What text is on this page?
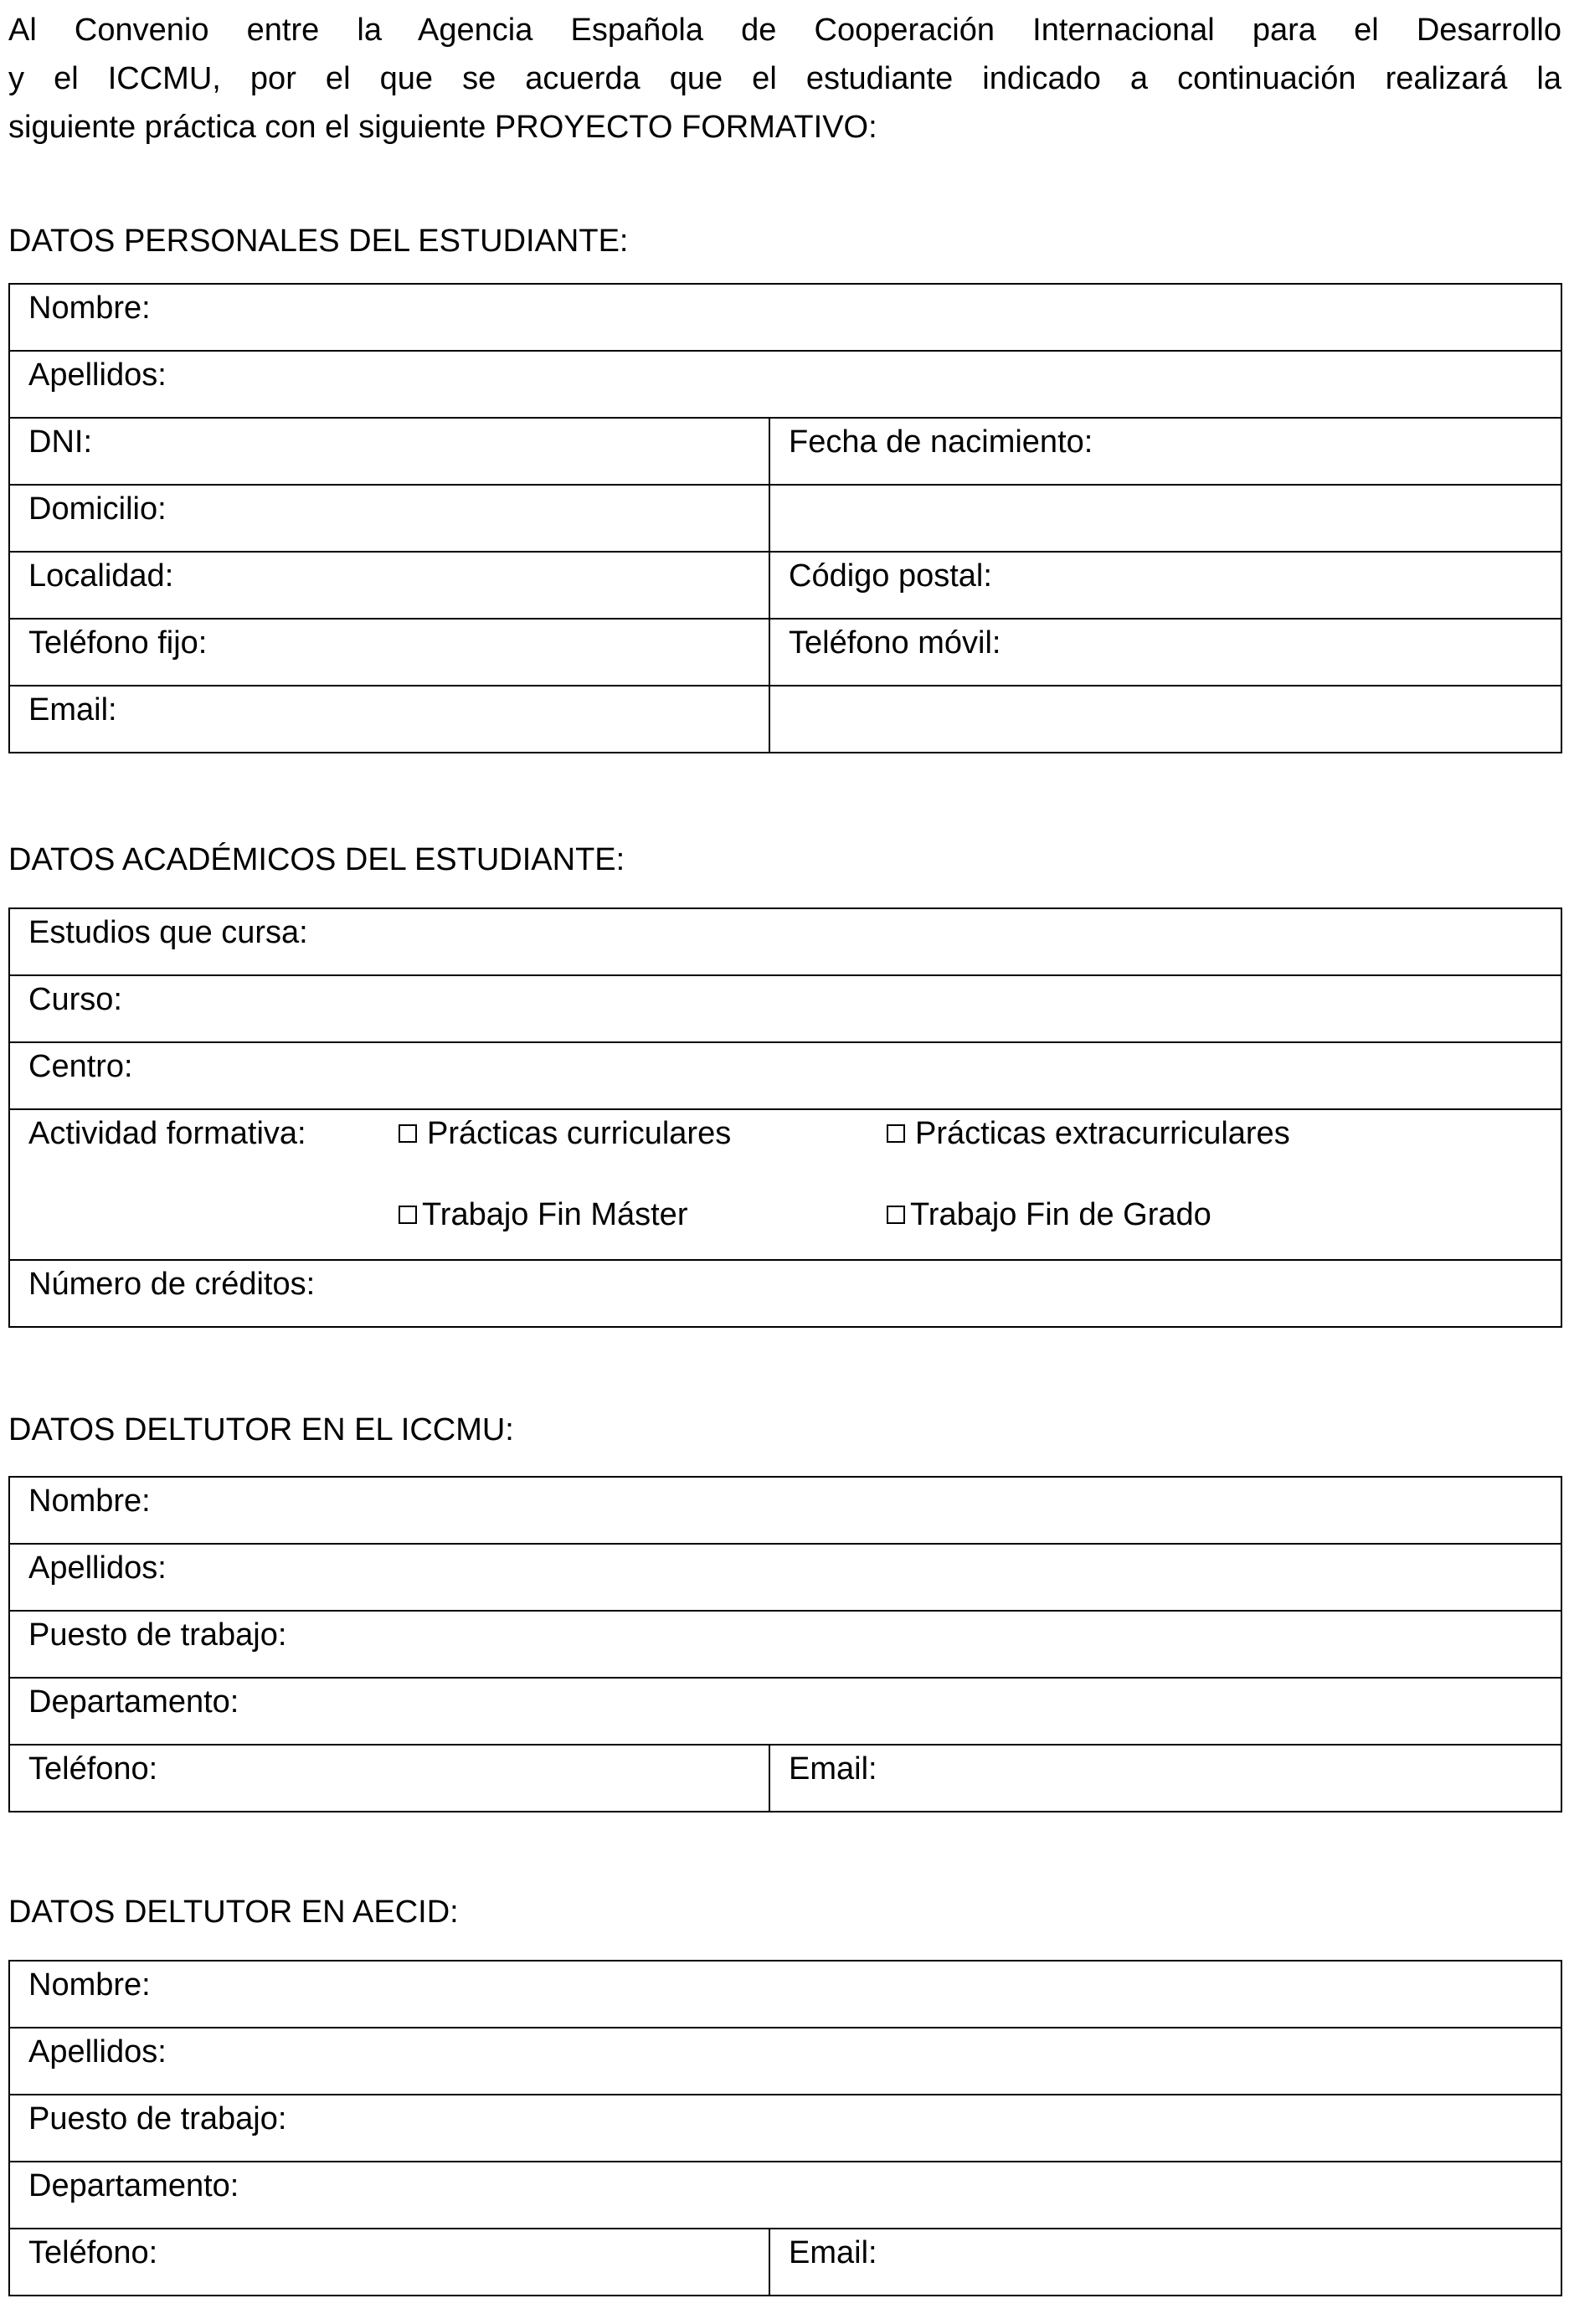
Al Convenio entre la Agencia Española de Cooperación Internacional para el Desarrollo
y el ICCMU, por el que se acuerda que el estudiante indicado a continuación realizará la
siguiente práctica con el siguiente PROYECTO FORMATIVO:
DATOS PERSONALES DEL ESTUDIANTE:
Nombre:	
Apellidos:	
DNI:	Fecha de nacimiento:
Domicilio:	
Localidad:	Código postal:
Teléfono fijo:	Teléfono móvil:
Email:	
DATOS ACADÉMICOS DEL ESTUDIANTE:
Estudios que cursa:
Curso:
Centro:
Actividad formativa:	Prácticas curriculares	Prácticas extracurriculares
Trabajo Fin Máster	Trabajo Fin de Grado

Número de créditos:
DATOS DELTUTOR EN EL ICCMU:
Nombre:
Apellidos:
Puesto de trabajo:
Departamento:
Teléfono:	Email:
DATOS DELTUTOR EN AECID:
Nombre:
Apellidos:
Puesto de trabajo:
Departamento:
Teléfono:	Email:
